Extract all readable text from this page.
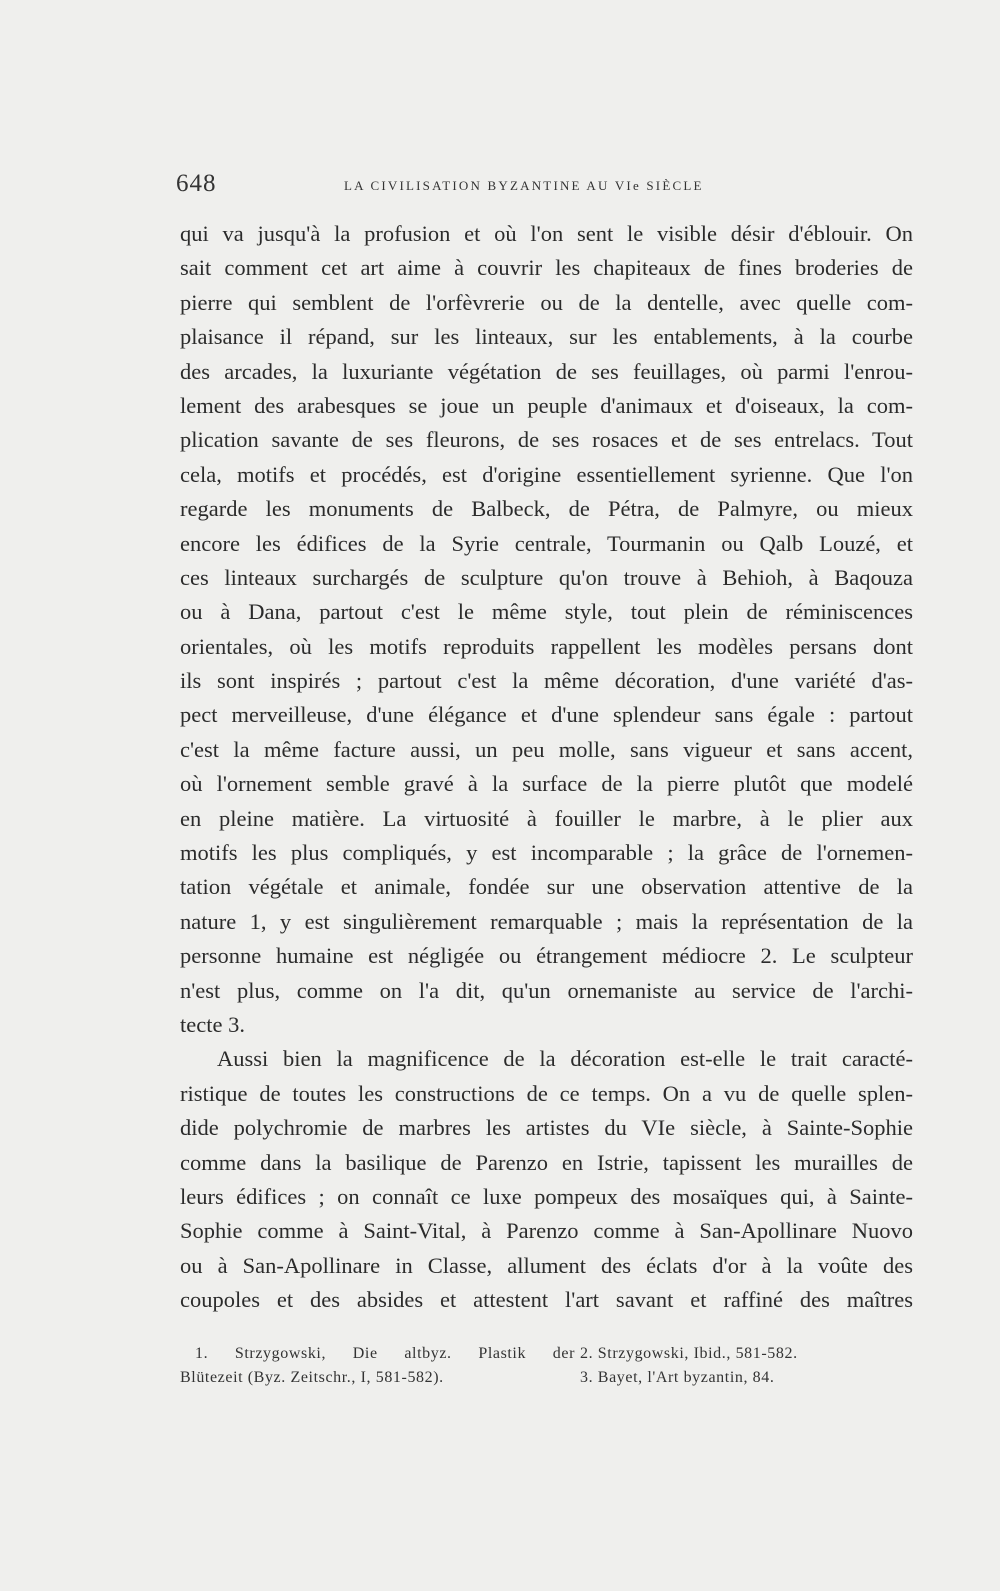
648	LA CIVILISATION BYZANTINE AU VIe SIÈCLE
qui va jusqu'à la profusion et où l'on sent le visible désir d'éblouir. On
sait comment cet art aime à couvrir les chapiteaux de fines broderies de
pierre qui semblent de l'orfèvrerie ou de la dentelle, avec quelle com-
plaisance il répand, sur les linteaux, sur les entablements, à la courbe
des arcades, la luxuriante végétation de ses feuillages, où parmi l'enrou-
lement des arabesques se joue un peuple d'animaux et d'oiseaux, la com-
plication savante de ses fleurons, de ses rosaces et de ses entrelacs. Tout
cela, motifs et procédés, est d'origine essentiellement syrienne. Que l'on
regarde les monuments de Balbeck, de Pétra, de Palmyre, ou mieux
encore les édifices de la Syrie centrale, Tourmanin ou Qalb Louzé, et
ces linteaux surchargés de sculpture qu'on trouve à Behioh, à Baqouza
ou à Dana, partout c'est le même style, tout plein de réminiscences
orientales, où les motifs reproduits rappellent les modèles persans dont
ils sont inspirés ; partout c'est la même décoration, d'une variété d'as-
pect merveilleuse, d'une élégance et d'une splendeur sans égale : partout
c'est la même facture aussi, un peu molle, sans vigueur et sans accent,
où l'ornement semble gravé à la surface de la pierre plutôt que modelé
en pleine matière. La virtuosité à fouiller le marbre, à le plier aux
motifs les plus compliqués, y est incomparable ; la grâce de l'ornemen-
tation végétale et animale, fondée sur une observation attentive de la
nature 1, y est singulièrement remarquable ; mais la représentation de la
personne humaine est négligée ou étrangement médiocre 2. Le sculpteur
n'est plus, comme on l'a dit, qu'un ornemaniste au service de l'archi-
tecte 3.
Aussi bien la magnificence de la décoration est-elle le trait caracté-
ristique de toutes les constructions de ce temps. On a vu de quelle splen-
dide polychromie de marbres les artistes du VIe siècle, à Sainte-Sophie
comme dans la basilique de Parenzo en Istrie, tapissent les murailles de
leurs édifices ; on connaît ce luxe pompeux des mosaïques qui, à Sainte-
Sophie comme à Saint-Vital, à Parenzo comme à San-Apollinare Nuovo
ou à San-Apollinare in Classe, allument des éclats d'or à la voûte des
coupoles et des absides et attestent l'art savant et raffiné des maîtres
1. Strzygowski, Die altbyz. Plastik der
Blütezeit (Byz. Zeitschr., I, 581-582).
2. Strzygowski, Ibid., 581-582.
3. Bayet, l'Art byzantin, 84.
